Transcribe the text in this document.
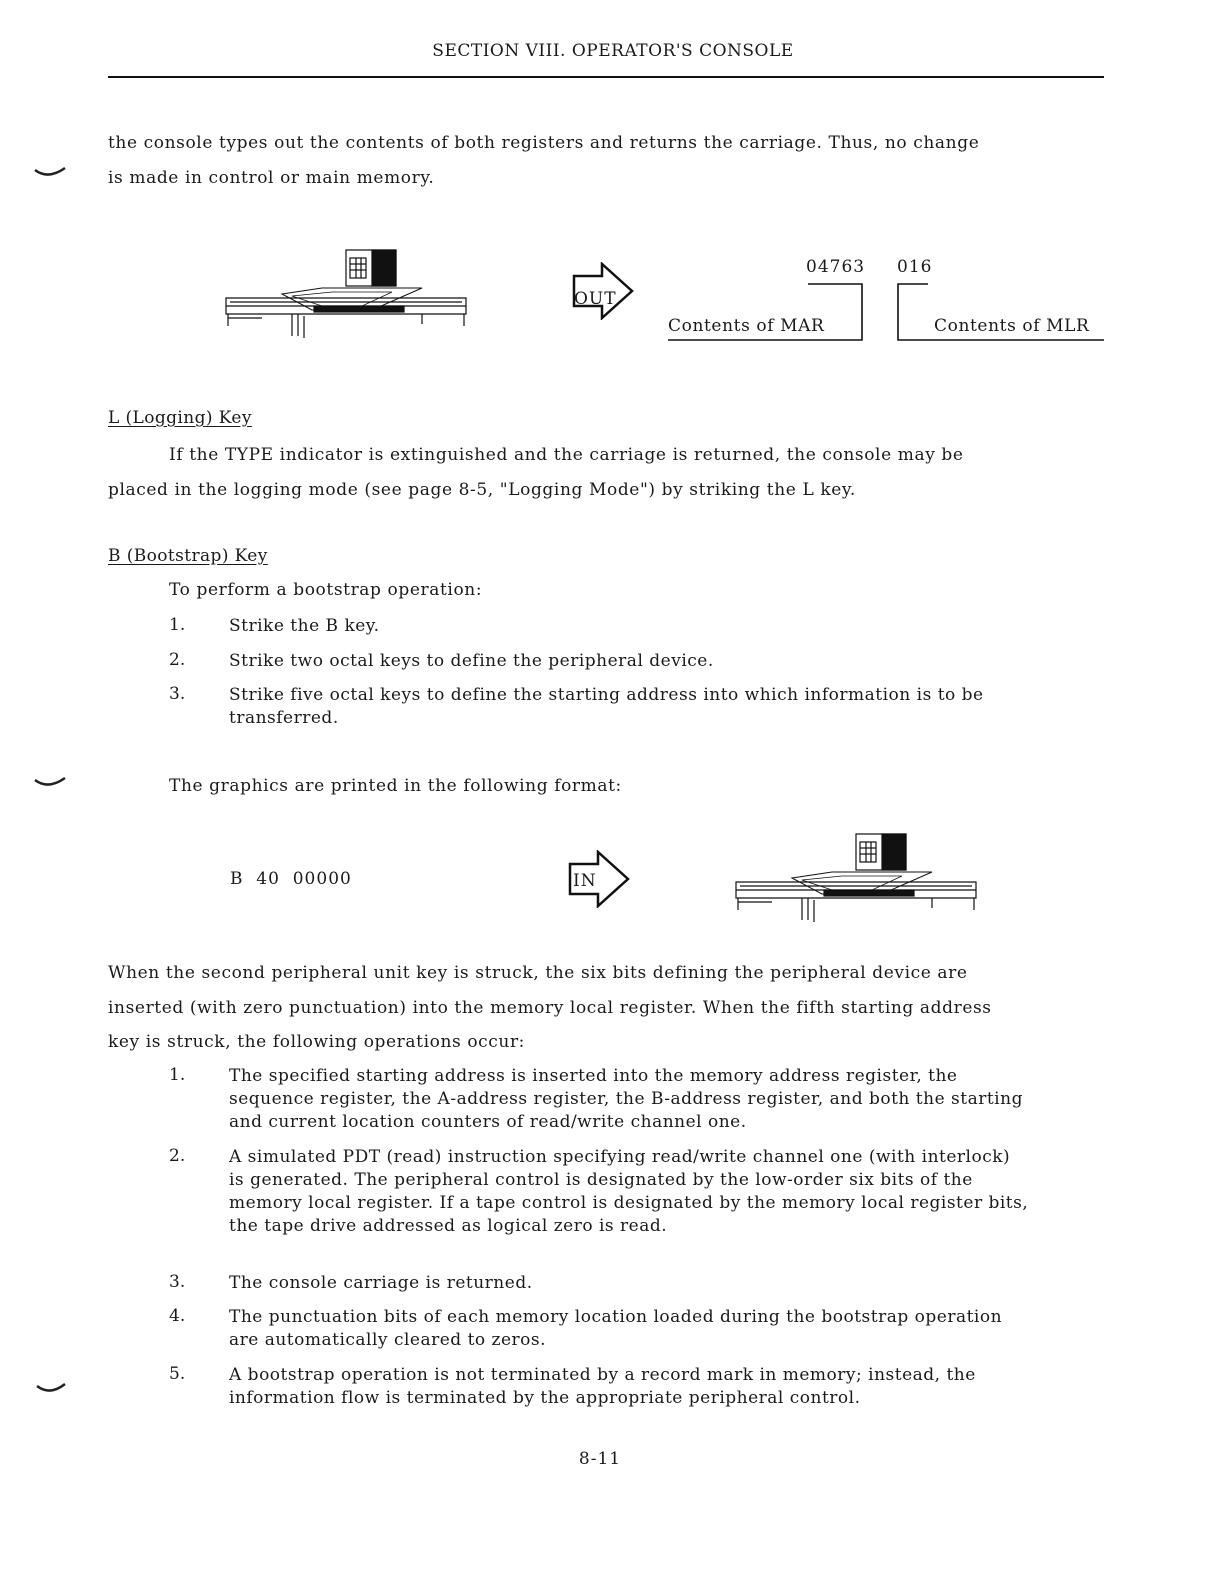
SECTION VIII. OPERATOR'S CONSOLE
the console types out the contents of both registers and returns the carriage. Thus, no change
is made in control or main memory.
OUT
04763 016
Contents of MAR	Contents of MLR
L (Logging) Key
If the TYPE indicator is extinguished and the carriage is returned, the console may be
placed in the logging mode (see page 8-5, "Logging Mode") by striking the L key.
B (Bootstrap) Key
To perform a bootstrap operation:
1.	Strike the B key.
2.	Strike two octal keys to define the peripheral device.
3.	Strike five octal keys to define the starting address into which information is to be transferred.
The graphics are printed in the following format:
B  40  00000	IN
When the second peripheral unit key is struck, the six bits defining the peripheral device are
inserted (with zero punctuation) into the memory local register. When the fifth starting address
key is struck, the following operations occur:
1.	The specified starting address is inserted into the memory address register, the sequence register, the A-address register, the B-address register, and both the starting and current location counters of read/write channel one.
2.	A simulated PDT (read) instruction specifying read/write channel one (with interlock) is generated. The peripheral control is designated by the low-order six bits of the memory local register. If a tape control is designated by the memory local register bits, the tape drive addressed as logical zero is read.
3.	The console carriage is returned.
4.	The punctuation bits of each memory location loaded during the bootstrap operation are automatically cleared to zeros.
5.	A bootstrap operation is not terminated by a record mark in memory; instead, the information flow is terminated by the appropriate peripheral control.
8-11
